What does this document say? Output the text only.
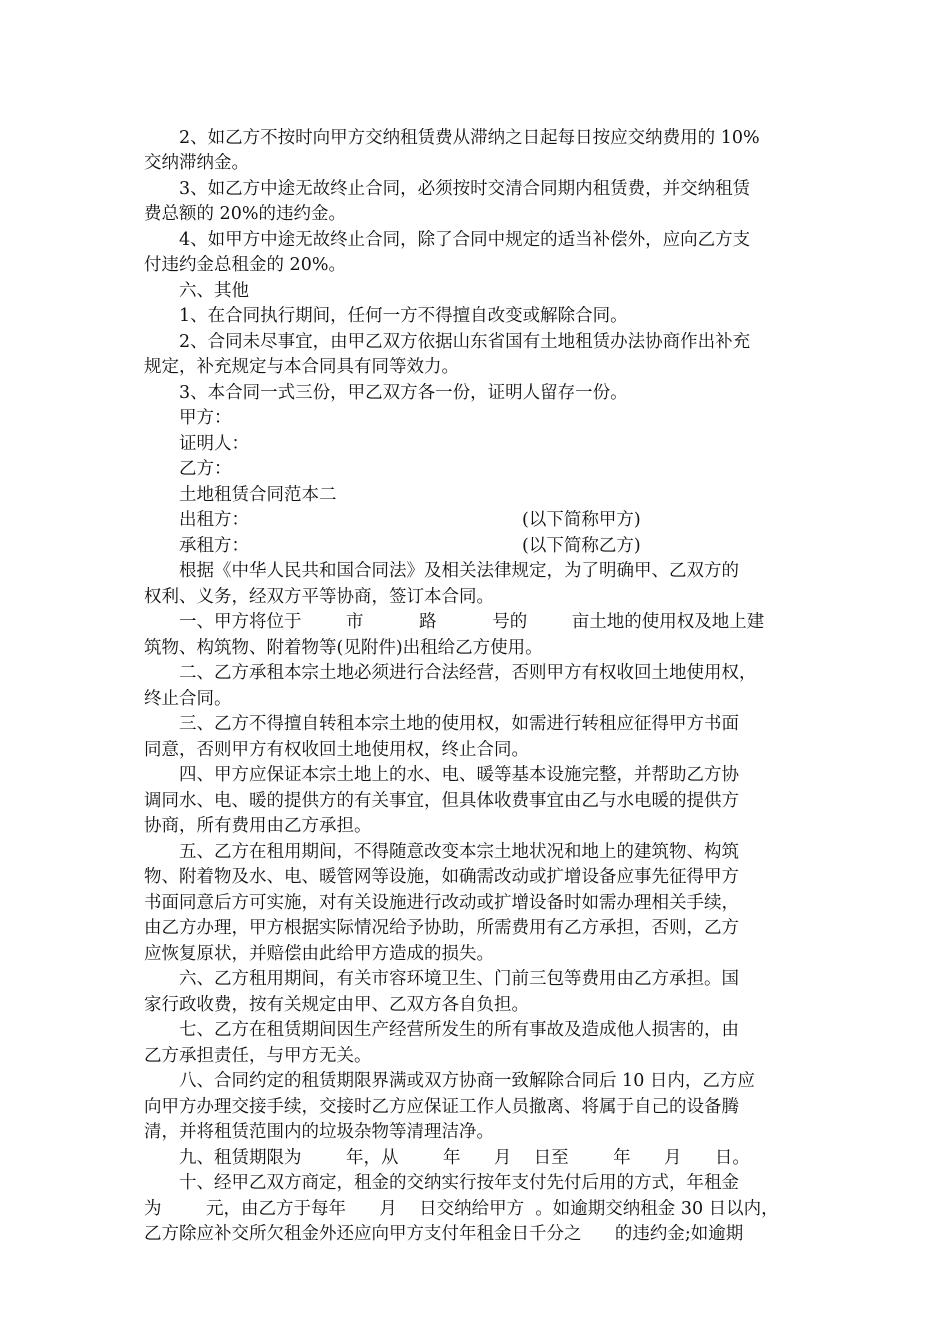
2、如乙方不按时向甲方交纳租赁费从滞纳之日起每日按应交纳费用的 10%
交纳滞纳金。
3、如乙方中途无故终止合同，必须按时交清合同期内租赁费，并交纳租赁
费总额的 20%的违约金。
4、如甲方中途无故终止合同，除了合同中规定的适当补偿外，应向乙方支
付违约金总租金的 20%。
六、其他
1、在合同执行期间，任何一方不得擅自改变或解除合同。
2、合同未尽事宜，由甲乙双方依据山东省国有土地租赁办法协商作出补充
规定，补充规定与本合同具有同等效力。
3、本合同一式三份，甲乙双方各一份，证明人留存一份。
甲方：
证明人：
乙方：
土地租赁合同范本二
出租方：	(以下简称甲方)
承租方：	(以下简称乙方)
根据《中华人民共和国合同法》及相关法律规定，为了明确甲、乙双方的
权利、义务，经双方平等协商，签订本合同。
一、甲方将位于        市          路          号的        亩土地的使用权及地上建
筑物、构筑物、附着物等(见附件)出租给乙方使用。
二、乙方承租本宗土地必须进行合法经营，否则甲方有权收回土地使用权，
终止合同。
三、乙方不得擅自转租本宗土地的使用权，如需进行转租应征得甲方书面
同意，否则甲方有权收回土地使用权，终止合同。
四、甲方应保证本宗土地上的水、电、暖等基本设施完整，并帮助乙方协
调同水、电、暖的提供方的有关事宜，但具体收费事宜由乙与水电暖的提供方
协商，所有费用由乙方承担。
五、乙方在租用期间，不得随意改变本宗土地状况和地上的建筑物、构筑
物、附着物及水、电、暖管网等设施，如确需改动或扩增设备应事先征得甲方
书面同意后方可实施，对有关设施进行改动或扩增设备时如需办理相关手续，
由乙方办理，甲方根据实际情况给予协助，所需费用有乙方承担，否则，乙方
应恢复原状，并赔偿由此给甲方造成的损失。
六、乙方租用期间，有关市容环境卫生、门前三包等费用由乙方承担。国
家行政收费，按有关规定由甲、乙双方各自负担。
七、乙方在租赁期间因生产经营所发生的所有事故及造成他人损害的，由
乙方承担责任，与甲方无关。
八、合同约定的租赁期限界满或双方协商一致解除合同后 10 日内，乙方应
向甲方办理交接手续，交接时乙方应保证工作人员撤离、将属于自己的设备腾
清，并将租赁范围内的垃圾杂物等清理洁净。
九、租赁期限为        年，从        年      月    日至        年      月      日。
十、经甲乙双方商定，租金的交纳实行按年支付先付后用的方式，年租金
为        元，由乙方于每年      月    日交纳给甲方  。如逾期交纳租金 30 日以内，
乙方除应补交所欠租金外还应向甲方支付年租金日千分之      的违约金;如逾期
